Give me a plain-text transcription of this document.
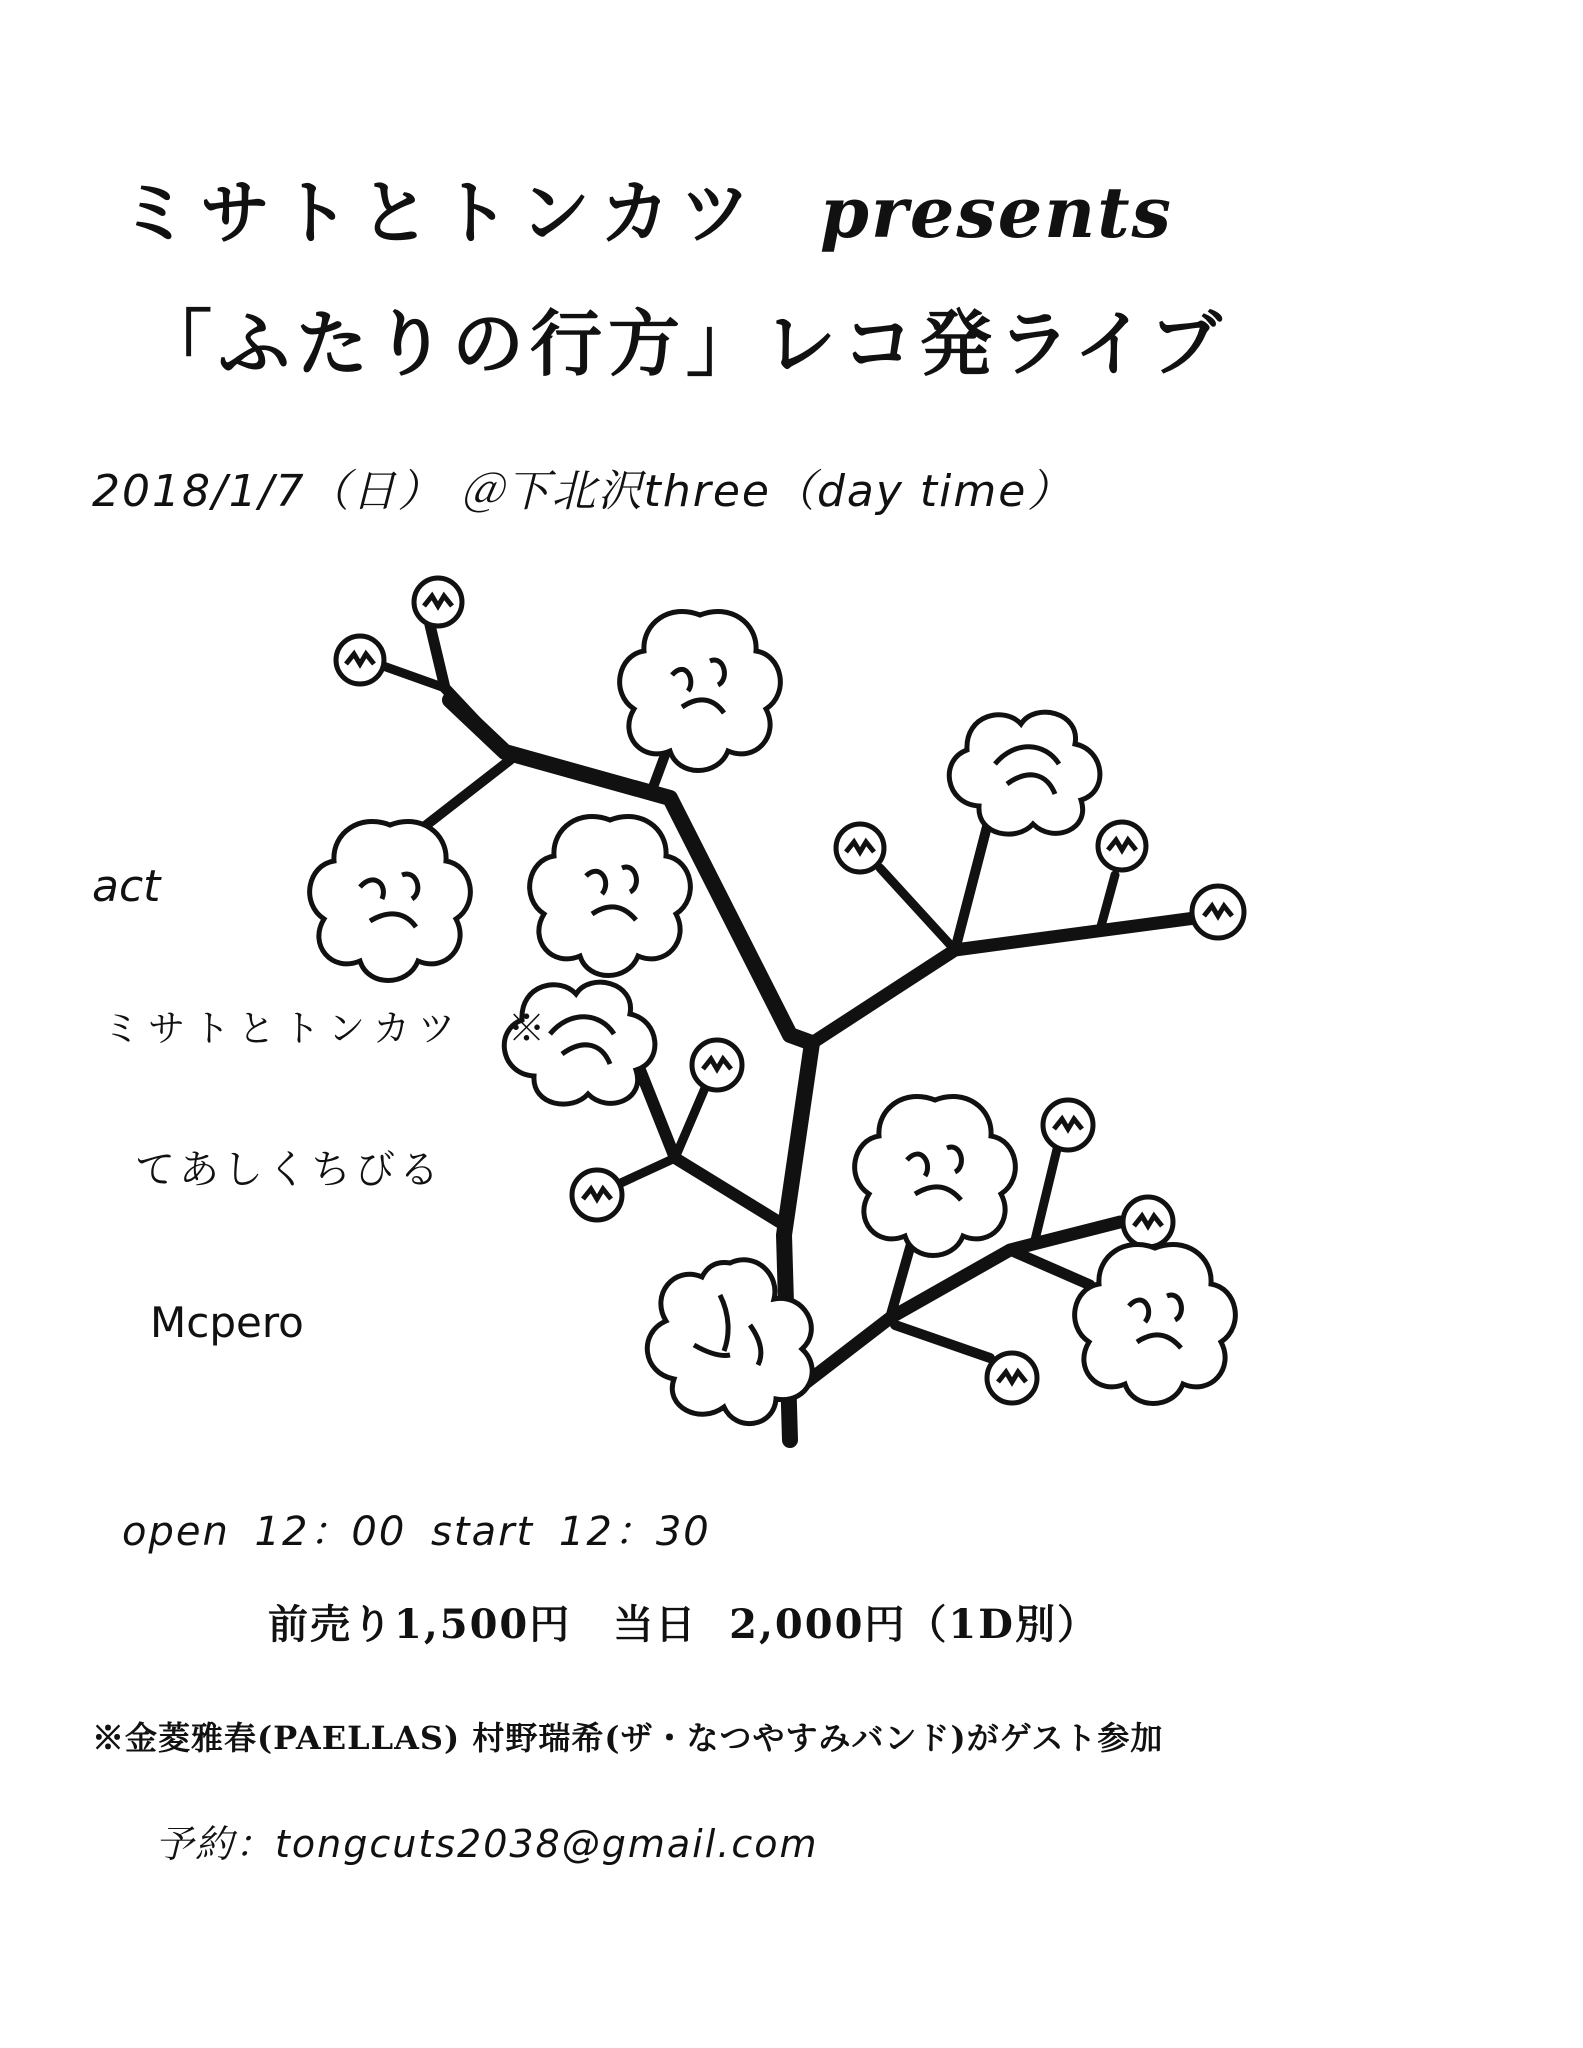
ミサトとトンカツ presents
「ふたりの行方」レコ発ライブ
2018/1/7（日） ＠下北沢three（day time）
act
ミサトとトンカツ　※
てあしくちびる
Mcpero
open 12：00 start 12：30
前売り1,500円　当日 2,000円（1D別）
※金菱雅春(PAELLAS) 村野瑞希(ザ・なつやすみバンド)がゲスト参加
予約：tongcuts2038@gmail.com
